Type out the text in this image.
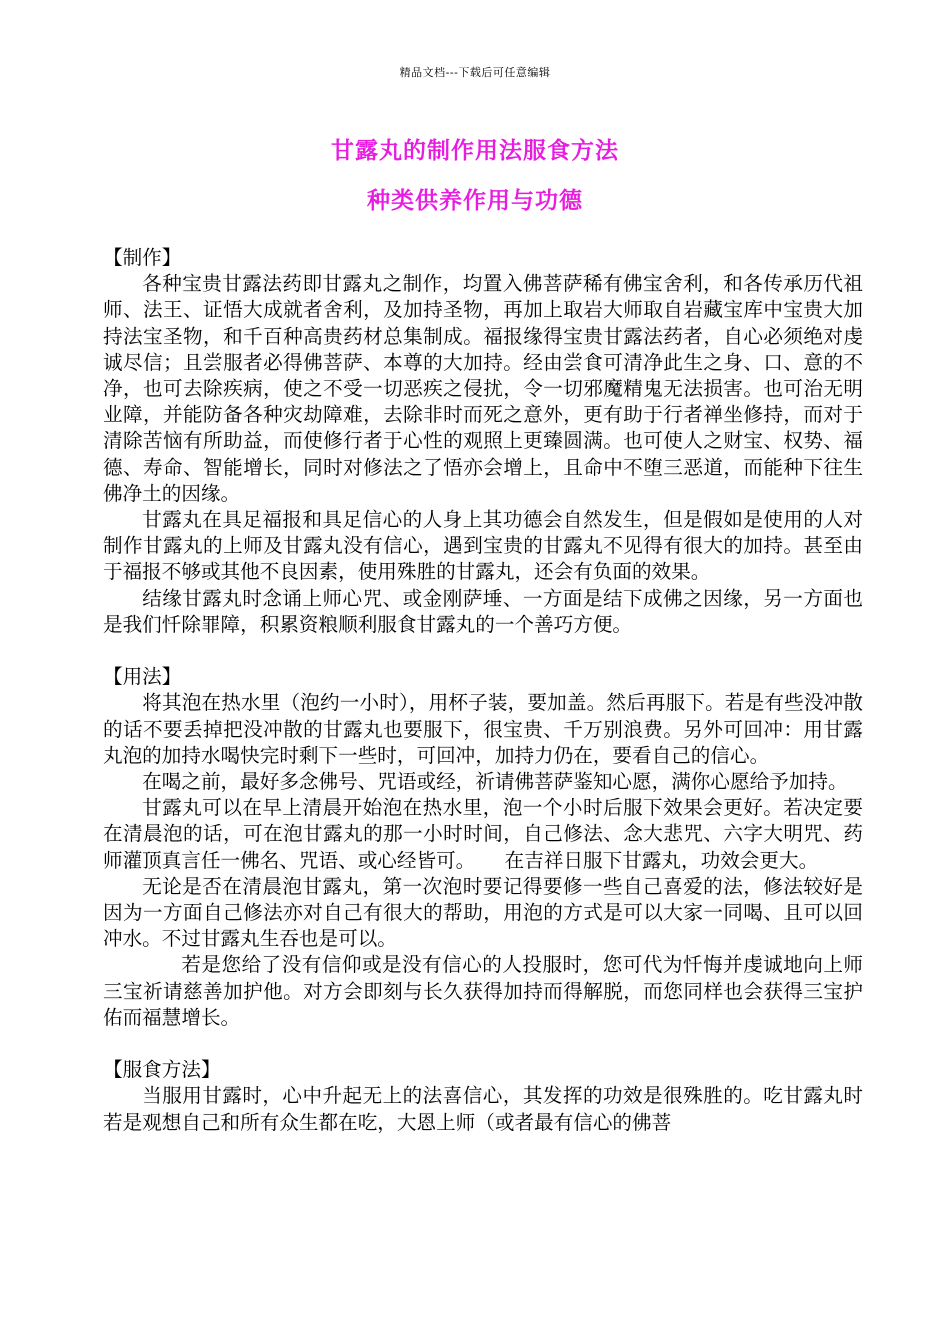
精品文档---下载后可任意编辑
甘露丸的制作用法服食方法
种类供养作用与功德

【制作】

各种宝贵甘露法药即甘露丸之制作，均置入佛菩萨稀有佛宝舍利，和各传承历代祖师、法王、证悟大成就者舍利，及加持圣物，再加上取岩大师取自岩藏宝库中宝贵大加持法宝圣物，和千百种高贵药材总集制成。福报缘得宝贵甘露法药者，自心必须绝对虔诚尽信；且尝服者必得佛菩萨、本尊的大加持。经由尝食可清净此生之身、口、意的不净，也可去除疾病，使之不受一切恶疾之侵扰，令一切邪魔精鬼无法损害。也可治无明业障，并能防备各种灾劫障难，去除非时而死之意外，更有助于行者禅坐修持，而对于清除苦恼有所助益，而使修行者于心性的观照上更臻圆满。也可使人之财宝、权势、福德、寿命、智能增长，同时对修法之了悟亦会增上，且命中不堕三恶道，而能种下往生佛净土的因缘。

甘露丸在具足福报和具足信心的人身上其功德会自然发生，但是假如是使用的人对制作甘露丸的上师及甘露丸没有信心，遇到宝贵的甘露丸不见得有很大的加持。甚至由于福报不够或其他不良因素，使用殊胜的甘露丸，还会有负面的效果。

结缘甘露丸时念诵上师心咒、或金刚萨埵、一方面是结下成佛之因缘，另一方面也是我们忏除罪障，积累资粮顺利服食甘露丸的一个善巧方便。

【用法】

将其泡在热水里（泡约一小时），用杯子装，要加盖。然后再服下。若是有些没冲散的话不要丢掉把没冲散的甘露丸也要服下，很宝贵、千万别浪费。另外可回冲：用甘露丸泡的加持水喝快完时剩下一些时，可回冲，加持力仍在，要看自己的信心。

在喝之前，最好多念佛号、咒语或经，祈请佛菩萨鉴知心愿，满你心愿给予加持。

甘露丸可以在早上清晨开始泡在热水里，泡一个小时后服下效果会更好。若决定要在清晨泡的话，可在泡甘露丸的那一小时时间，自己修法、念大悲咒、六字大明咒、药师灌顶真言任一佛名、咒语、或心经皆可。　　在吉祥日服下甘露丸，功效会更大。

无论是否在清晨泡甘露丸，第一次泡时要记得要修一些自己喜爱的法，修法较好是因为一方面自己修法亦对自己有很大的帮助，用泡的方式是可以大家一同喝、且可以回冲水。不过甘露丸生吞也是可以。

若是您给了没有信仰或是没有信心的人投服时，您可代为忏悔并虔诚地向上师三宝祈请慈善加护他。对方会即刻与长久获得加持而得解脱，而您同样也会获得三宝护佑而福慧增长。

【服食方法】

当服用甘露时，心中升起无上的法喜信心，其发挥的功效是很殊胜的。吃甘露丸时若是观想自己和所有众生都在吃，大恩上师（或者最有信心的佛菩
